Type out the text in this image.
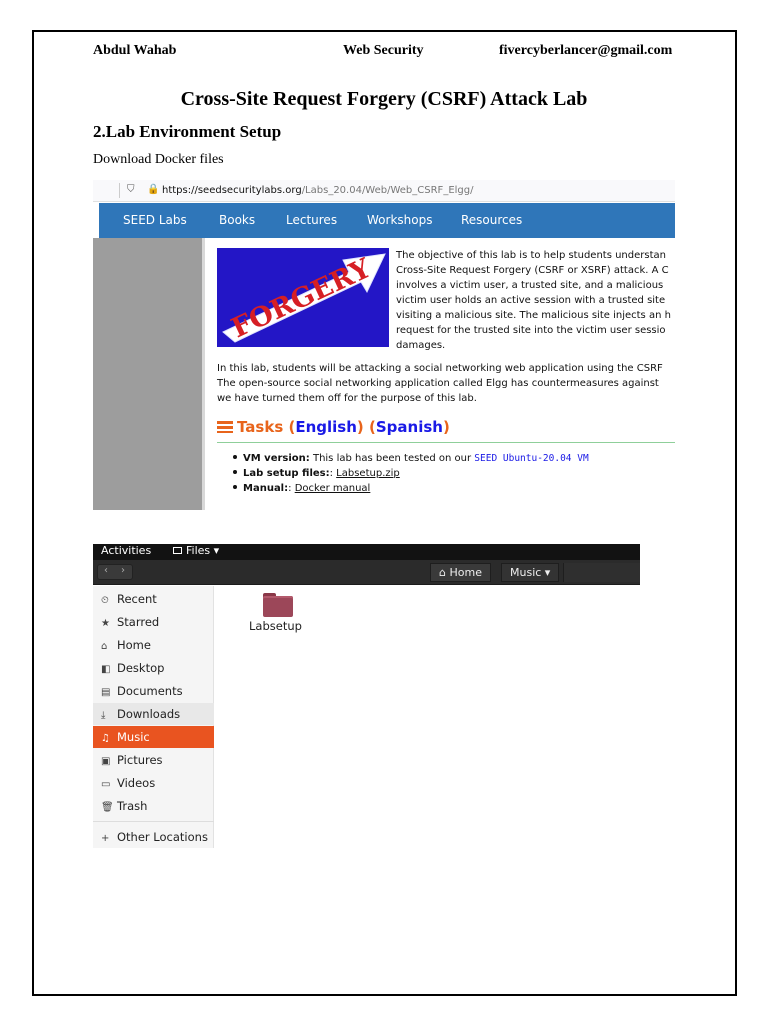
Abdul Wahab	Web Security	fivercyberlancer@gmail.com
Cross-Site Request Forgery (CSRF) Attack Lab
2.Lab Environment Setup
Download Docker files
⛉ 🔒 https://seedsecuritylabs.org/Labs_20.04/Web/Web_CSRF_Elgg/
SEED Labs	Books	Lectures Workshops Resources
FORGERY The objective of this lab is to help students understan
Cross-Site Request Forgery (CSRF or XSRF) attack. A C
involves a victim user, a trusted site, and a malicious
victim user holds an active session with a trusted site
visiting a malicious site. The malicious site injects an h
request for the trusted site into the victim user sessio
damages.
In this lab, students will be attacking a social networking web application using the CSRF
The open-source social networking application called Elgg has countermeasures against
we have turned them off for the purpose of this lab.
Tasks (English) (Spanish)
VM version: This lab has been tested on our SEED Ubuntu-20.04 VM
Lab setup files:: Labsetup.zip
Manual:: Docker manual
Activities	Files ▾
‹ ›	⌂ Home	Music ▾
⏲ Recent
★ Starred
⌂ Home
◧ Desktop
▤ Documents
⤓ Downloads
♫ Music
▣ Pictures
▭ Videos
🗑 Trash
+ Other Locations
Labsetup
